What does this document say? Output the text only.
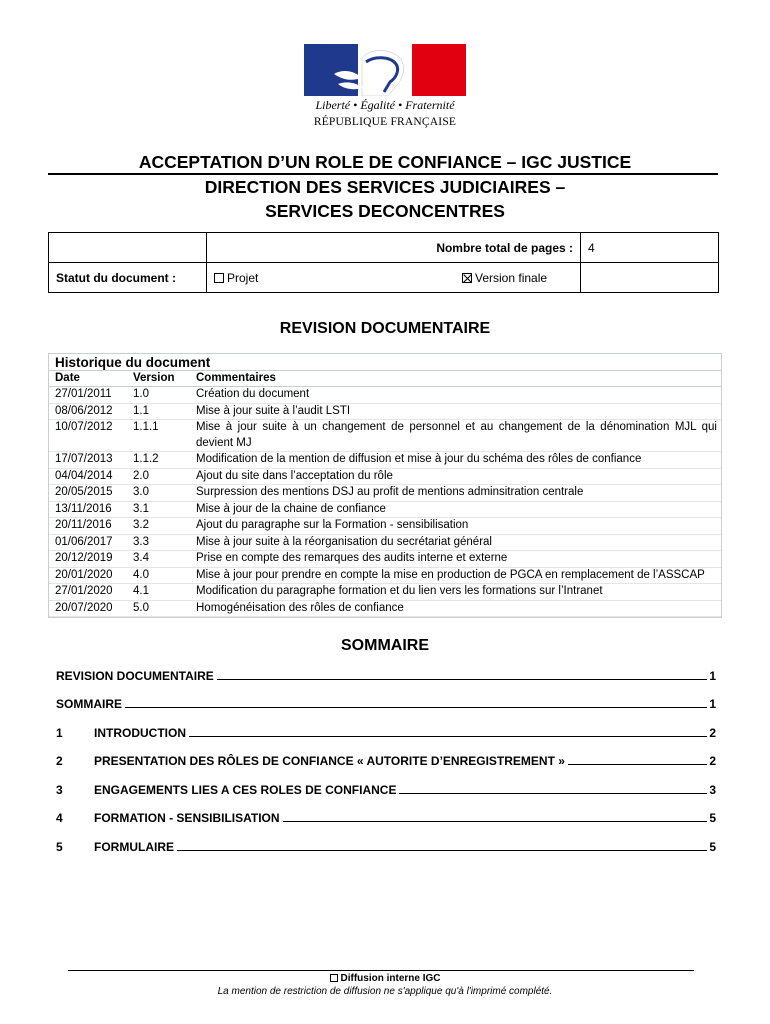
Liberté • Égalité • Fraternité
RÉPUBLIQUE FRANÇAISE
ACCEPTATION D’UN ROLE DE CONFIANCE – IGC JUSTICE
DIRECTION DES SERVICES JUDICIAIRES –
SERVICES DECONCENTRES
	Nombre total de pages :	4
Statut du document :	Projet Version finale	

REVISION DOCUMENTAIRE
Historique du document
Date	Version	Commentaires
27/01/2011	1.0	Création du document
08/06/2012	1.1	Mise à jour suite à l’audit LSTI
10/07/2012	1.1.1	Mise à jour suite à un changement de personnel et au changement de la dénomination MJL qui devient MJ
17/07/2013	1.1.2	Modification de la mention de diffusion et mise à jour du schéma des rôles de confiance
04/04/2014	2.0	Ajout du site dans l’acceptation du rôle
20/05/2015	3.0	Surpression des mentions DSJ au profit de mentions adminsitration centrale
13/11/2016	3.1	Mise à jour de la chaine de confiance
20/11/2016	3.2	Ajout du paragraphe sur la Formation - sensibilisation
01/06/2017	3.3	Mise à jour suite à la réorganisation du secrétariat général
20/12/2019	3.4	Prise en compte des remarques des audits interne et externe
20/01/2020	4.0	Mise à jour pour prendre en compte la mise en production de PGCA en remplacement de l’ASSCAP
27/01/2020	4.1	Modification du paragraphe formation et du lien vers les formations sur l’Intranet
20/07/2020	5.0	Homogénéisation des rôles de confiance
SOMMAIRE
REVISION DOCUMENTAIRE	1
SOMMAIRE	1
1	INTRODUCTION	2
2	PRESENTATION DES RÔLES DE CONFIANCE « AUTORITE D’ENREGISTREMENT »	2
3	ENGAGEMENTS LIES A CES ROLES DE CONFIANCE	3
4	FORMATION - SENSIBILISATION	5
5	FORMULAIRE	5
Diffusion interne IGC
La mention de restriction de diffusion ne s'applique qu'à l'imprimé complété.
